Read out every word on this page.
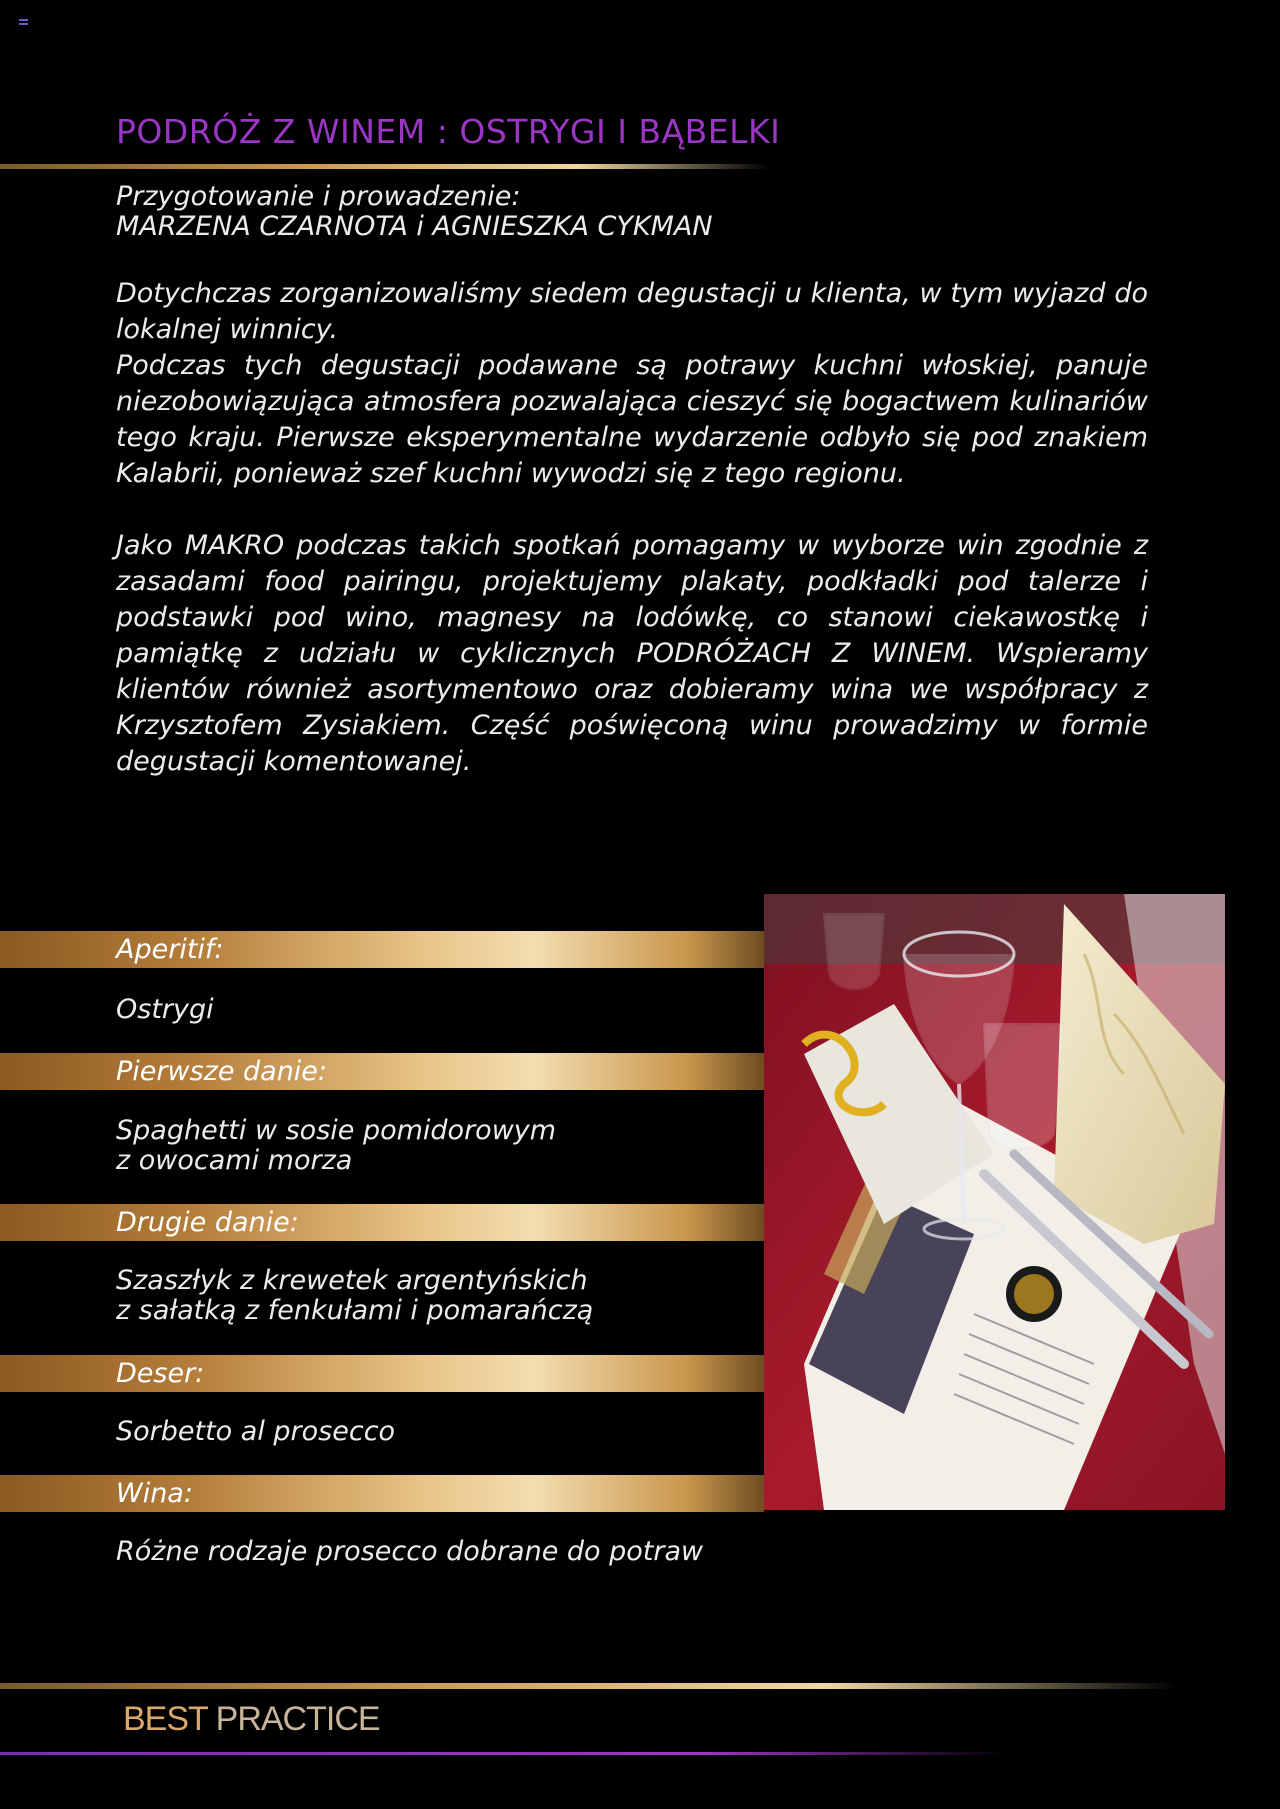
PODRÓŻ Z WINEM : OSTRYGI I BĄBELKI

Przygotowanie i prowadzenie:

MARZENA CZARNOTA i AGNIESZKA CYKMAN

Dotychczas zorganizowaliśmy siedem degustacji u klienta, w tym wyjazd do lokalnej winnicy.

Podczas tych degustacji podawane są potrawy kuchni włoskiej, panuje niezobowiązująca atmosfera pozwalająca cieszyć się bogactwem kulinariów tego kraju. Pierwsze eksperymentalne wydarzenie odbyło się pod znakiem Kalabrii, ponieważ szef kuchni wywodzi się z tego regionu.

Jako MAKRO podczas takich spotkań pomagamy w wyborze win zgodnie z zasadami food pairingu, projektujemy plakaty, podkładki pod talerze i podstawki pod wino, magnesy na lodówkę, co stanowi ciekawostkę i pamiątkę z udziału w cyklicznych PODRÓŻACH Z WINEM. Wspieramy klientów również asortymentowo oraz dobieramy wina we współpracy z Krzysztofem Zysiakiem. Część poświęconą winu prowadzimy w formie degustacji komentowanej.

Aperitif:
Ostrygi
Pierwsze danie:
Spaghetti w sosie pomidorowym
z owocami morza
Drugie danie:
Szaszłyk z krewetek argentyńskich
z sałatką z fenkułami i pomarańczą
Deser:
Sorbetto al prosecco
Wina:
Różne rodzaje prosecco dobrane do potraw
BEST PRACTICE
